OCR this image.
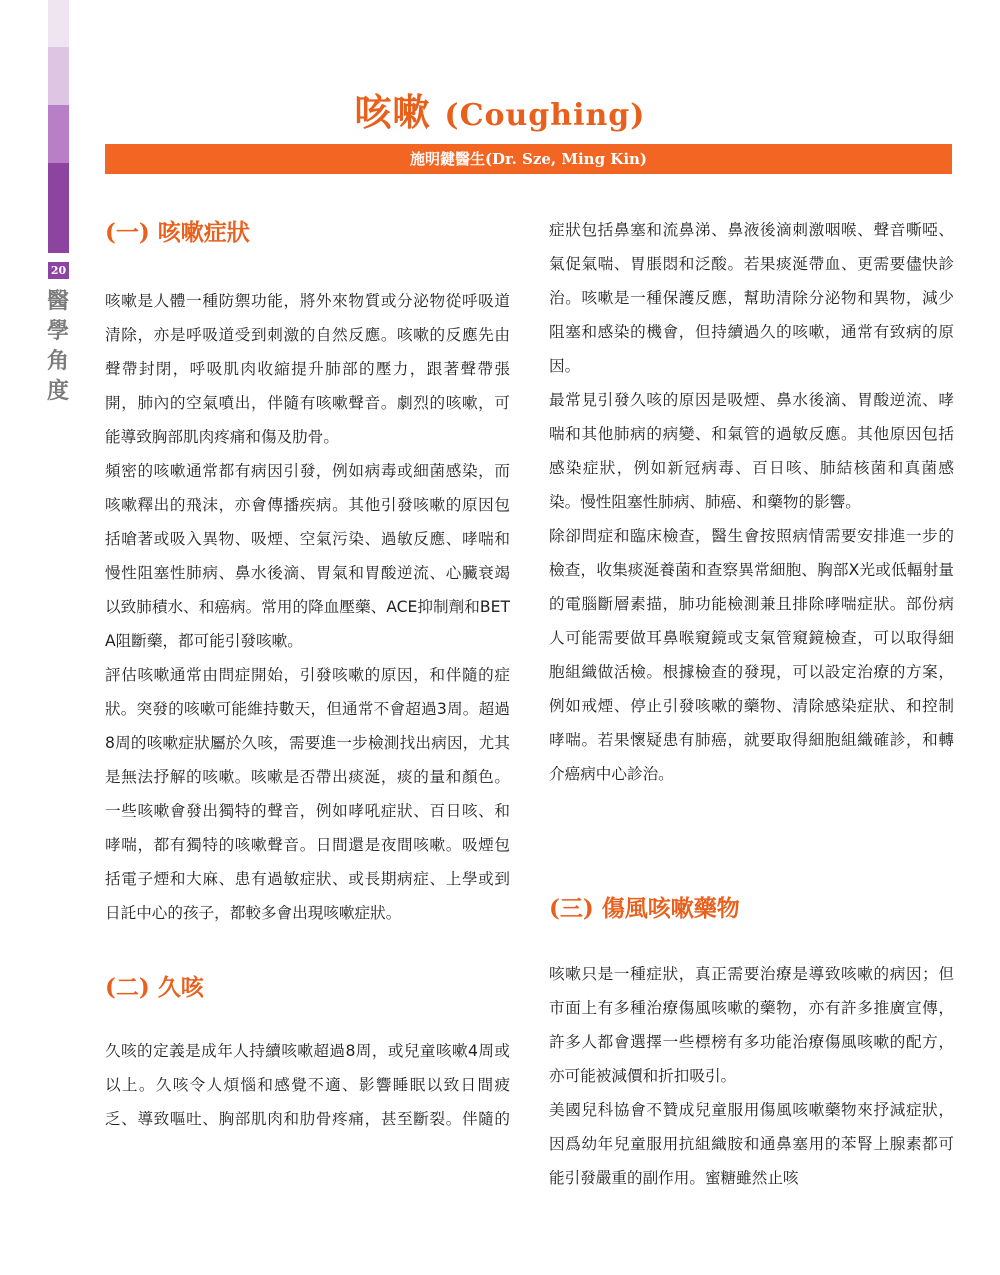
20
醫學角度
咳嗽 (Coughing)
施明鍵醫生(Dr. Sze, Ming Kin)
(一) 咳嗽症狀

咳嗽是人體一種防禦功能，將外來物質或分泌物從呼吸道清除，亦是呼吸道受到刺激的自然反應。咳嗽的反應先由聲帶封閉，呼吸肌肉收縮提升肺部的壓力，跟著聲帶張開，肺內的空氣噴出，伴隨有咳嗽聲音。劇烈的咳嗽，可能導致胸部肌肉疼痛和傷及肋骨。

頻密的咳嗽通常都有病因引發，例如病毒或細菌感染，而咳嗽釋出的飛沫，亦會傳播疾病。其他引發咳嗽的原因包括嗆著或吸入異物、吸煙、空氣污染、過敏反應、哮喘和慢性阻塞性肺病、鼻水後滴、胃氣和胃酸逆流、心臟衰竭以致肺積水、和癌病。常用的降血壓藥、ACE抑制劑和BETA阻斷藥，都可能引發咳嗽。

評估咳嗽通常由問症開始，引發咳嗽的原因，和伴隨的症狀。突發的咳嗽可能維持數天，但通常不會超過3周。超過8周的咳嗽症狀屬於久咳，需要進一步檢測找出病因，尤其是無法抒解的咳嗽。咳嗽是否帶出痰涎，痰的量和顏色。一些咳嗽會發出獨特的聲音，例如哮吼症狀、百日咳、和哮喘，都有獨特的咳嗽聲音。日間還是夜間咳嗽。吸煙包括電子煙和大麻、患有過敏症狀、或長期病症、上學或到日託中心的孩子，都較多會出現咳嗽症狀。

(二) 久咳

久咳的定義是成年人持續咳嗽超過8周，或兒童咳嗽4周或以上。久咳令人煩惱和感覺不適、影響睡眠以致日間疲乏、導致嘔吐、胸部肌肉和肋骨疼痛，甚至斷裂。伴隨的

症狀包括鼻塞和流鼻涕、鼻液後滴刺激咽喉、聲音嘶啞、氣促氣喘、胃脹悶和泛酸。若果痰涎帶血、更需要儘快診治。咳嗽是一種保護反應，幫助清除分泌物和異物，減少阻塞和感染的機會，但持續過久的咳嗽，通常有致病的原因。

最常見引發久咳的原因是吸煙、鼻水後滴、胃酸逆流、哮喘和其他肺病的病變、和氣管的過敏反應。其他原因包括感染症狀，例如新冠病毒、百日咳、肺結核菌和真菌感染。慢性阻塞性肺病、肺癌、和藥物的影響。

除卻問症和臨床檢查，醫生會按照病情需要安排進一步的檢查，收集痰涎養菌和查察異常細胞、胸部X光或低輻射量的電腦斷層素描，肺功能檢測兼且排除哮喘症狀。部份病人可能需要做耳鼻喉窺鏡或支氣管窺鏡檢查，可以取得細胞組織做活檢。根據檢查的發現，可以設定治療的方案，例如戒煙、停止引發咳嗽的藥物、清除感染症狀、和控制哮喘。若果懷疑患有肺癌，就要取得細胞組織確診，和轉介癌病中心診治。

(三) 傷風咳嗽藥物

咳嗽只是一種症狀，真正需要治療是導致咳嗽的病因；但市面上有多種治療傷風咳嗽的藥物，亦有許多推廣宣傳，許多人都會選擇一些標榜有多功能治療傷風咳嗽的配方，亦可能被減價和折扣吸引。

美國兒科協會不贊成兒童服用傷風咳嗽藥物來抒減症狀，因爲幼年兒童服用抗組織胺和通鼻塞用的苯腎上腺素都可能引發嚴重的副作用。蜜糖雖然止咳
